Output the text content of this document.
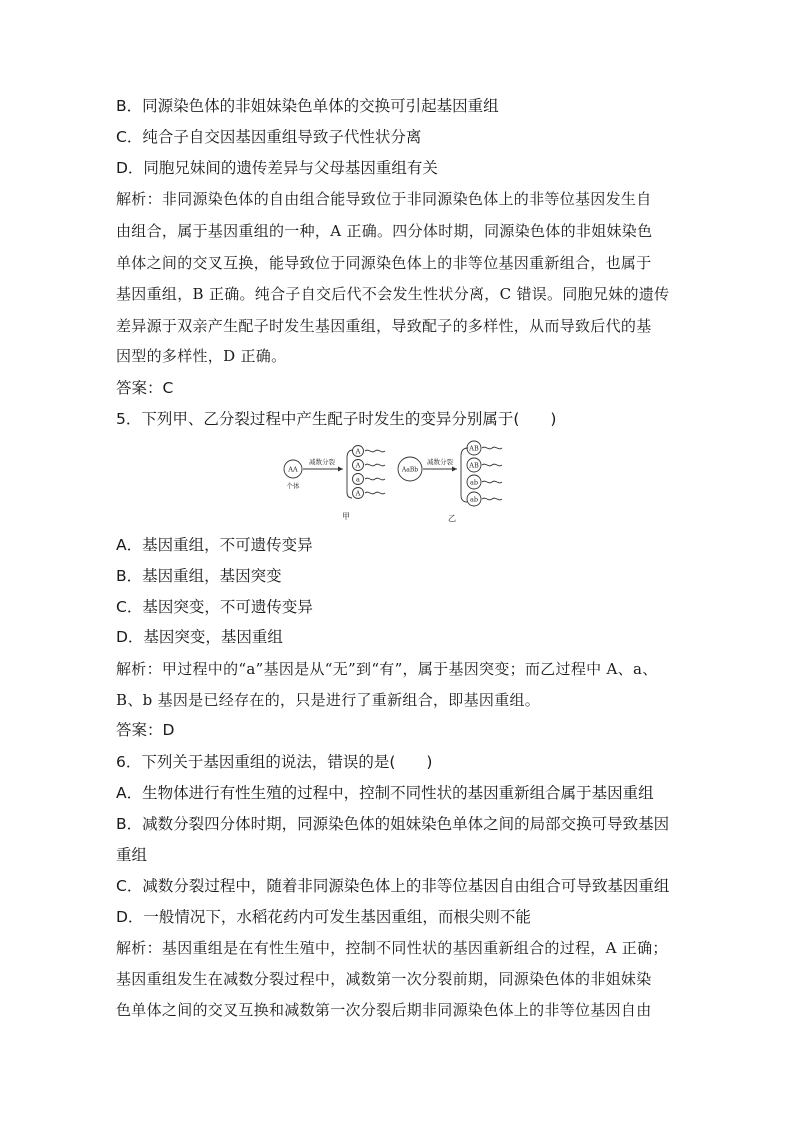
B．同源染色体的非姐妹染色单体的交换可引起基因重组
C．纯合子自交因基因重组导致子代性状分离
D．同胞兄妹间的遗传差异与父母基因重组有关
解析：非同源染色体的自由组合能导致位于非同源染色体上的非等位基因发生自
由组合，属于基因重组的一种，A 正确。四分体时期，同源染色体的非姐妹染色
单体之间的交叉互换，能导致位于同源染色体上的非等位基因重新组合，也属于
基因重组，B 正确。纯合子自交后代不会发生性状分离，C 错误。同胞兄妹的遗传
差异源于双亲产生配子时发生基因重组，导致配子的多样性，从而导致后代的基
因型的多样性，D 正确。
答案：C
5．下列甲、乙分裂过程中产生配子时发生的变异分别属于(　　)
AA
个体
减数分裂
A
A
a
A
甲
AaBb
减数分裂
AB
AB
ab
ab
乙
A．基因重组，不可遗传变异
B．基因重组，基因突变
C．基因突变，不可遗传变异
D．基因突变，基因重组
解析：甲过程中的“a”基因是从“无”到“有”，属于基因突变；而乙过程中 A、a、
B、b 基因是已经存在的，只是进行了重新组合，即基因重组。
答案：D
6．下列关于基因重组的说法，错误的是(　　)
A．生物体进行有性生殖的过程中，控制不同性状的基因重新组合属于基因重组
B．减数分裂四分体时期，同源染色体的姐妹染色单体之间的局部交换可导致基因
重组
C．减数分裂过程中，随着非同源染色体上的非等位基因自由组合可导致基因重组
D．一般情况下，水稻花药内可发生基因重组，而根尖则不能
解析：基因重组是在有性生殖中，控制不同性状的基因重新组合的过程，A 正确；
基因重组发生在减数分裂过程中，减数第一次分裂前期，同源染色体的非姐妹染
色单体之间的交叉互换和减数第一次分裂后期非同源染色体上的非等位基因自由
